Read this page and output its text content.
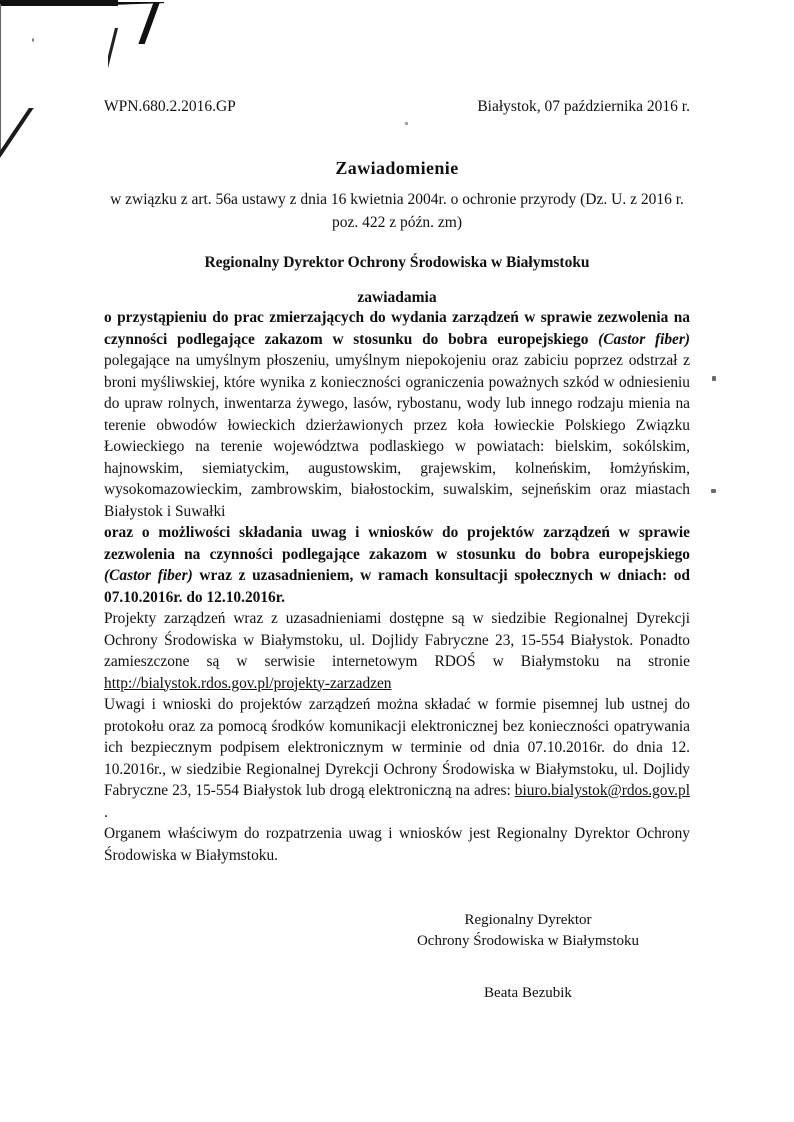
WPN.680.2.2016.GP	Białystok, 07 października 2016 r.
Zawiadomienie
w związku z art. 56a ustawy z dnia 16 kwietnia 2004r. o ochronie przyrody (Dz. U. z 2016 r.
poz. 422 z późn. zm)
Regionalny Dyrektor Ochrony Środowiska w Białymstoku
zawiadamia

o przystąpieniu do prac zmierzających do wydania zarządzeń w sprawie zezwolenia na czynności podlegające zakazom w stosunku do bobra europejskiego (Castor fiber) polegające na umyślnym płoszeniu, umyślnym niepokojeniu oraz zabiciu poprzez odstrzał z broni myśliwskiej, które wynika z konieczności ograniczenia poważnych szkód w odniesieniu do upraw rolnych, inwentarza żywego, lasów, rybostanu, wody lub innego rodzaju mienia na terenie obwodów łowieckich dzierżawionych przez koła łowieckie Polskiego Związku Łowieckiego na terenie województwa podlaskiego w powiatach: bielskim, sokólskim, hajnowskim, siemiatyckim, augustowskim, grajewskim, kolneńskim, łomżyńskim, wysokomazowieckim, zambrowskim, białostockim, suwalskim, sejneńskim oraz miastach Białystok i Suwałki

oraz o możliwości składania uwag i wniosków do projektów zarządzeń w sprawie zezwolenia na czynności podlegające zakazom w stosunku do bobra europejskiego (Castor fiber) wraz z uzasadnieniem, w ramach konsultacji społecznych w dniach: od 07.10.2016r. do 12.10.2016r.

Projekty zarządzeń wraz z uzasadnieniami dostępne są w siedzibie Regionalnej Dyrekcji Ochrony Środowiska w Białymstoku, ul. Dojlidy Fabryczne 23, 15-554 Białystok. Ponadto zamieszczone są w serwisie internetowym RDOŚ w Białymstoku na stronie http://bialystok.rdos.gov.pl/projekty-zarzadzen

Uwagi i wnioski do projektów zarządzeń można składać w formie pisemnej lub ustnej do protokołu oraz za pomocą środków komunikacji elektronicznej bez konieczności opatrywania ich bezpiecznym podpisem elektronicznym w terminie od dnia 07.10.2016r. do dnia 12. 10.2016r., w siedzibie Regionalnej Dyrekcji Ochrony Środowiska w Białymstoku, ul. Dojlidy Fabryczne 23, 15-554 Białystok lub drogą elektroniczną na adres: biuro.bialystok@rdos.gov.pl .

Organem właściwym do rozpatrzenia uwag i wniosków jest Regionalny Dyrektor Ochrony Środowiska w Białymstoku.

Regionalny Dyrektor
Ochrony Środowiska w Białymstoku
Beata Bezubik
